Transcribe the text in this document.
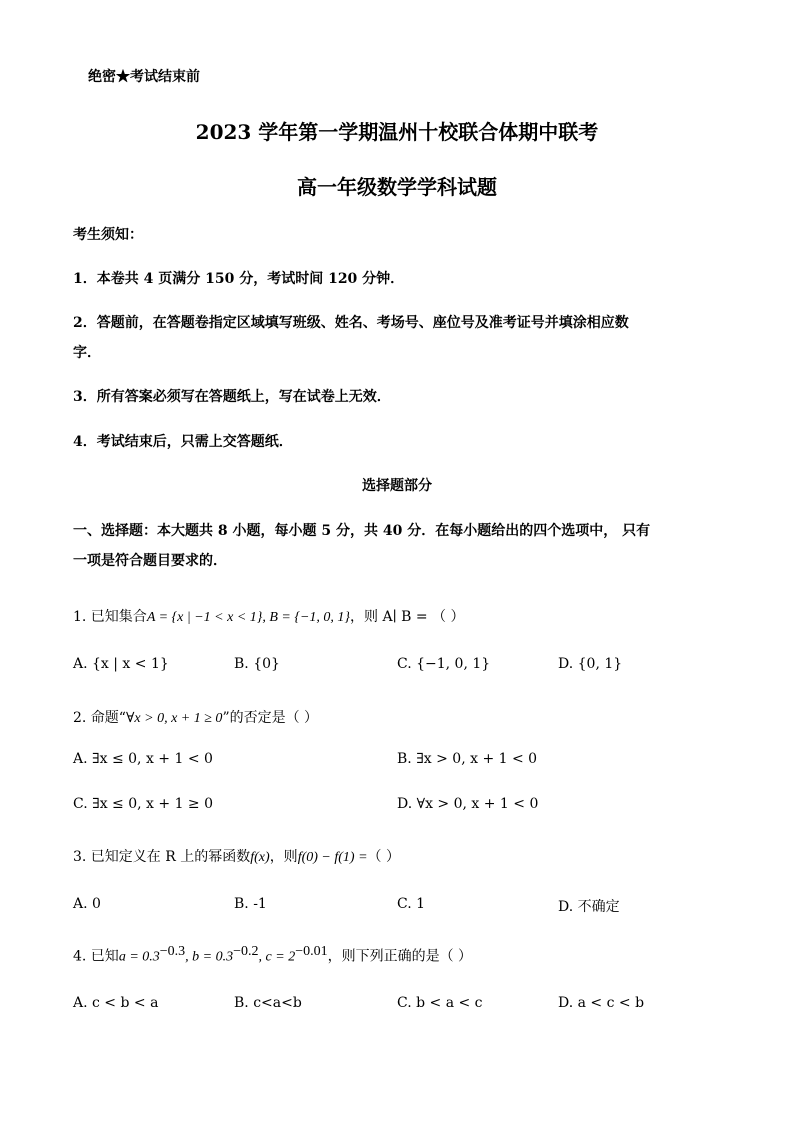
绝密★考试结束前
2023 学年第一学期温州十校联合体期中联考
高一年级数学学科试题
考生须知：
1．本卷共 4 页满分 150 分，考试时间 120 分钟．
2．答题前，在答题卷指定区域填写班级、姓名、考场号、座位号及准考证号并填涂相应数
字．
3．所有答案必须写在答题纸上，写在试卷上无效．
4．考试结束后，只需上交答题纸．
选择题部分
一、选择题：本大题共 8 小题，每小题 5 分，共 40 分．在每小题给出的四个选项中， 只有
一项是符合题目要求的．
1. 已知集合A = {x | −1 < x < 1}, B = {−1, 0, 1}，则 A∣ B = （ ）
A. {x | x < 1}	B. {0}	C. {−1, 0, 1}	D. {0, 1}
2. 命题“∀x > 0, x + 1 ≥ 0”的否定是（ ）
A. ∃x ≤ 0, x + 1 < 0	B. ∃x > 0, x + 1 < 0
C. ∃x ≤ 0, x + 1 ≥ 0	D. ∀x > 0, x + 1 < 0
3. 已知定义在 R 上的幂函数f(x)，则f(0) − f(1) =（ ）
A. 0	B. -1	C. 1	D. 不确定
4. 已知$a = 0.3^{-0.3}$, $b = 0.3^{-0.2}$, $c = 2^{-0.01}$，则下列正确的是（ ）
A. c < b < a	B. c<a<b	C. b < a < c	D. a < c < b
